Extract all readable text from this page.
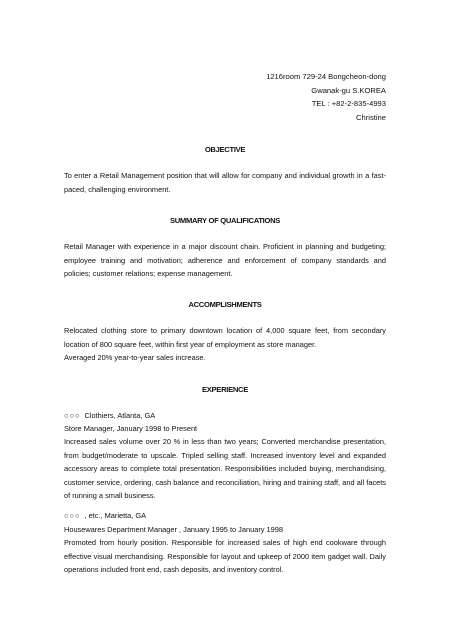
1216room 729-24 Bongcheon-dong
Gwanak-gu S.KOREA
TEL : +82-2-835-4993
Christine
OBJECTIVE

To enter a Retail Management position that will allow for company and individual growth in a fast-paced, challenging environment.

SUMMARY OF QUALIFICATIONS

Retail Manager with experience in a major discount chain. Proficient in planning and budgeting; employee training and motivation; adherence and enforcement of company standards and policies; customer relations; expense management.

ACCOMPLISHMENTS

Relocated clothing store to primary downtown location of 4,000 square feet, from secondary location of 800 square feet, within first year of employment as store manager.
Averaged 20% year-to-year sales increase.

EXPERIENCE
○○○ Clothiers, Atlanta, GA
Store Manager, January 1998 to Present

Increased sales volume over 20 % in less than two years; Converted merchandise presentation, from budget/moderate to upscale. Tripled selling staff. Increased inventory level and expanded accessory areas to complete total presentation. Responsibilities included buying, merchandising, customer service, ordering, cash balance and reconciliation, hiring and training staff, and all facets of running a small business.

○○○ , etc., Marietta, GA
Housewares Department Manager , January 1995 to January 1998

Promoted from hourly position. Responsible for increased sales of high end cookware through effective visual merchandising. Responsible for layout and upkeep of 2000 item gadget wall. Daily operations included front end, cash deposits, and inventory control.
